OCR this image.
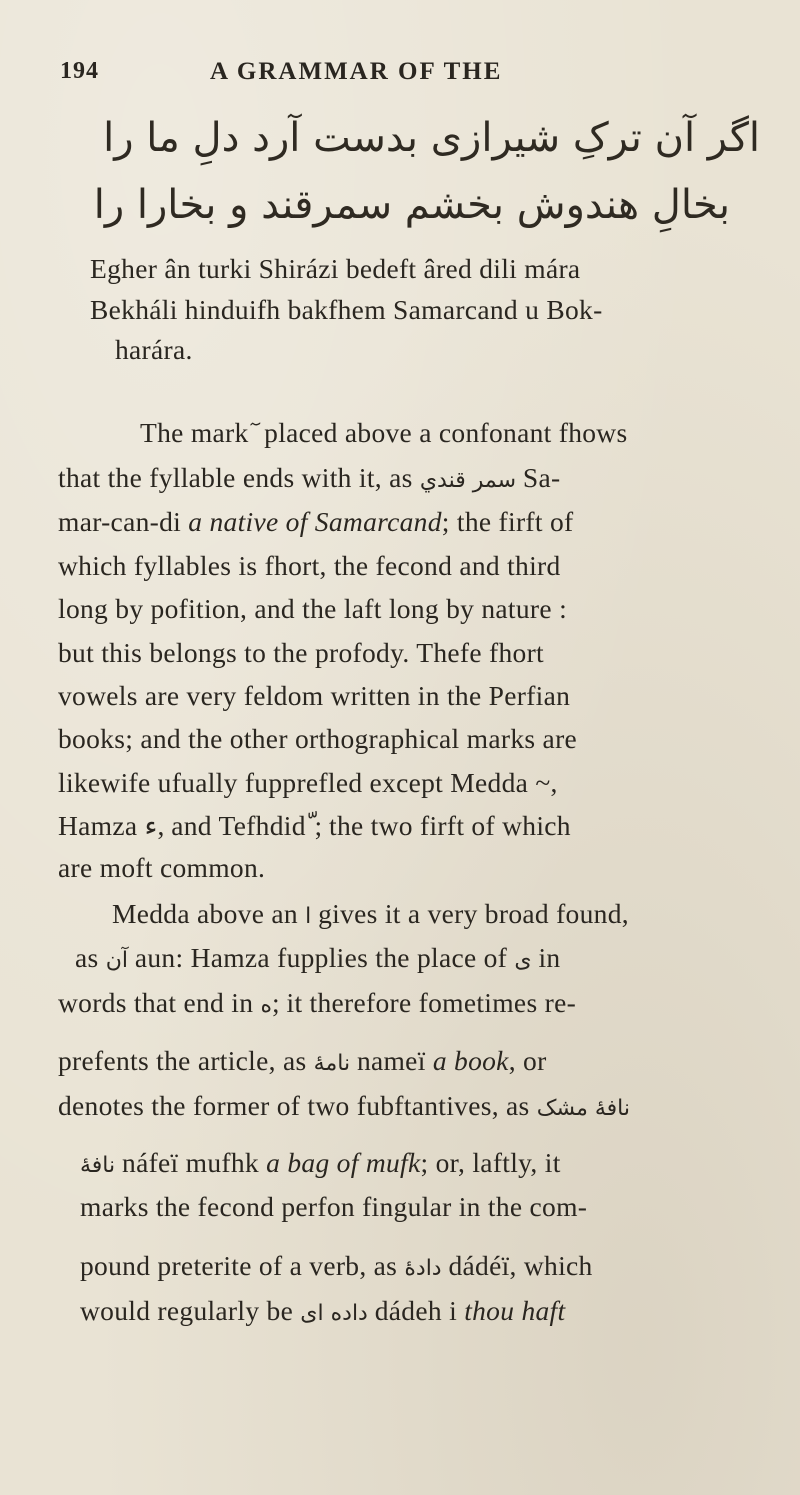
194	A GRAMMAR OF THE
اگر آن ترکِ شیرازی بدست آرد دلِ ما را
بخالِ هندوش بخشم سمرقند و بخارا را
Egher ân turki Shirázi bedeft âred dili mára
Bekháli hinduifh bakfhem Samarcand u Bok-
harára.
The mark placed above a confonant fhows
that the fyllable ends with it, as سمر قندي Sa-
mar-can-di a native of Samarcand; the firft of
which fyllables is fhort, the fecond and third
long by pofition, and the laft long by nature :
but this belongs to the profody. Thefe fhort
vowels are very feldom written in the Perfian
books; and the other orthographical marks are
likewife ufually fupprefled except Medda ~,
Hamza ء, and Tefhdid ّ; the two firft of which
are moft common.
Medda above an ا gives it a very broad found,
as آن aun: Hamza fupplies the place of ی in
words that end in ه; it therefore fometimes re-
prefents the article, as نامهٔ nameï a book, or
denotes the former of two fubftantives, as نافهٔ مشک
نافهٔ náfeï mufhk a bag of mufk; or, laftly, it
marks the fecond perfon fingular in the com-
pound preterite of a verb, as دادهٔ dádéï, which
would regularly be داده ای dádeh i thou haft
